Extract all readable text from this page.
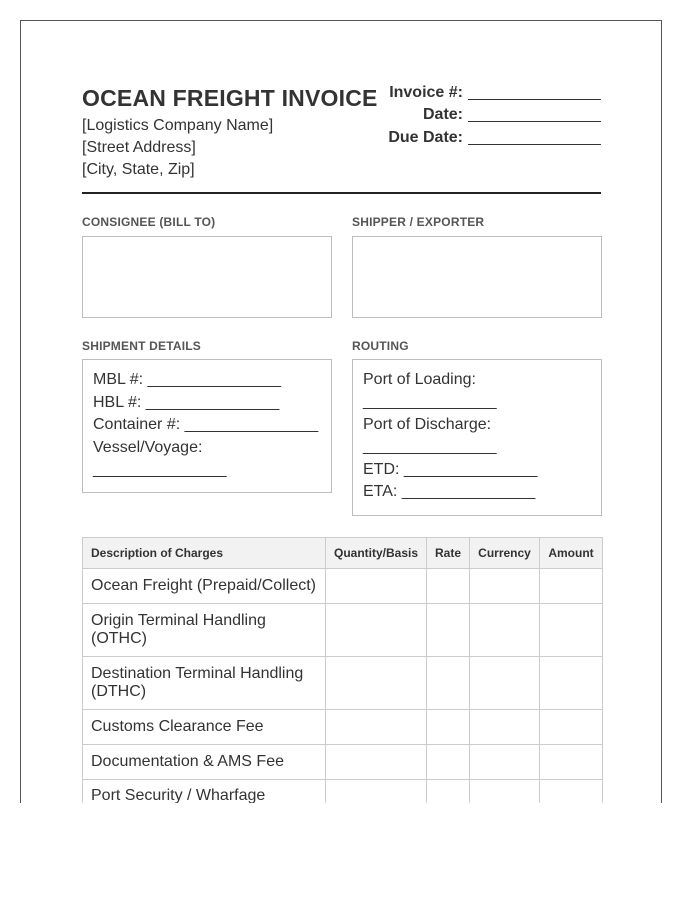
OCEAN FREIGHT INVOICE
[Logistics Company Name]
[Street Address]
[City, State, Zip]
Invoice #:
Date:
Due Date:
CONSIGNEE (BILL TO)	SHIPPER / EXPORTER
SHIPMENT DETAILS
MBL #: _______________
HBL #: _______________
Container #: _______________
Vessel/Voyage:
_______________
ROUTING
Port of Loading:
_______________
Port of Discharge:
_______________
ETD: _______________
ETA: _______________
Description of Charges	Quantity/Basis	Rate	Currency	Amount
Ocean Freight (Prepaid/Collect)				
Origin Terminal Handling (OTHC)				
Destination Terminal Handling (DTHC)				
Customs Clearance Fee				
Documentation & AMS Fee				
Port Security / Wharfage				
